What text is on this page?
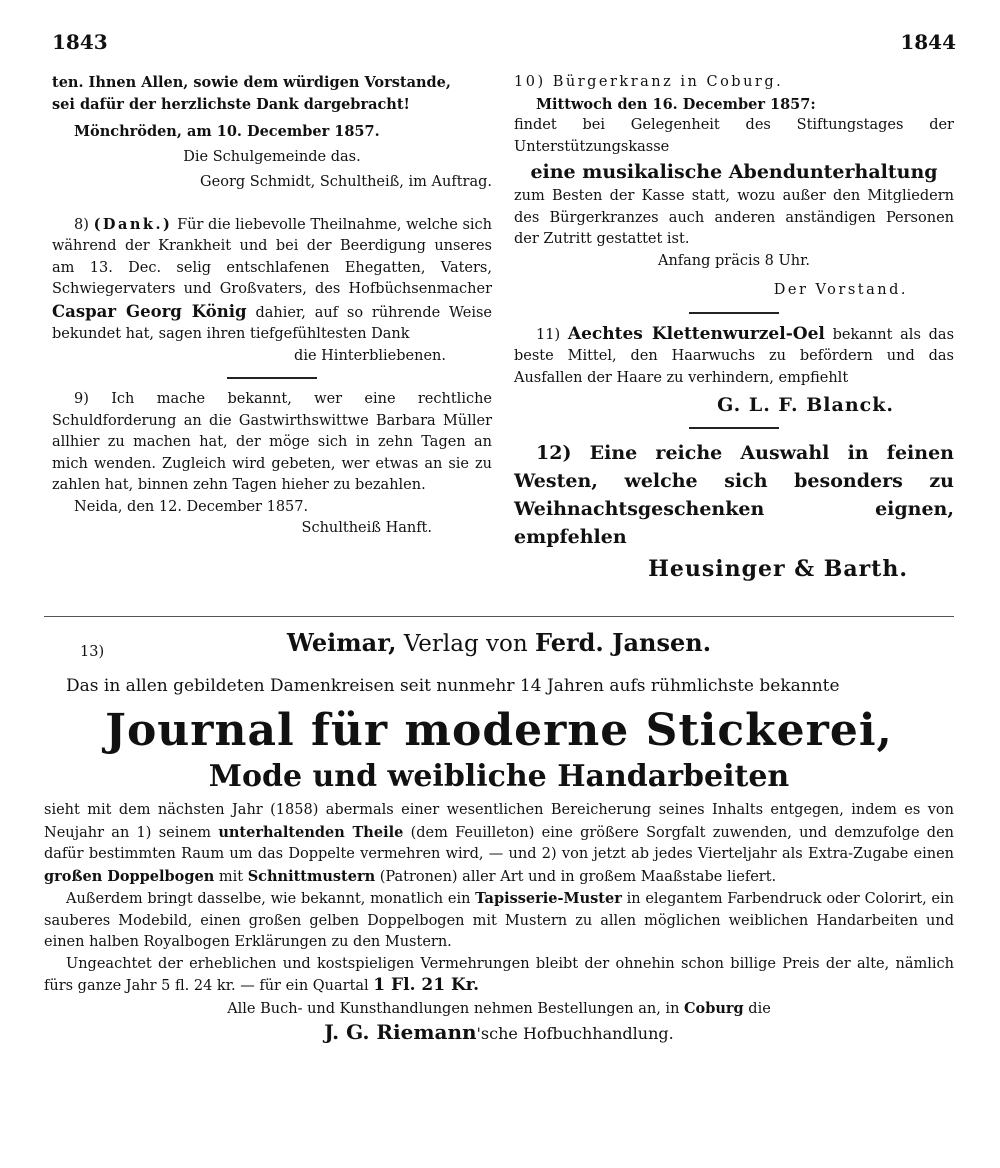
1843	1844

ten. Ihnen Allen, sowie dem würdigen Vorstande,

sei dafür der herzlichste Dank dargebracht!

Mönchröden, am 10. December 1857.

Die Schulgemeinde das.

Georg Schmidt, Schultheiß, im Auftrag.

8) (Dank.) Für die liebevolle Theilnahme, welche sich während der Krankheit und bei der Beerdigung unseres am 13. Dec. selig entschlafenen Ehegatten, Vaters, Schwiegervaters und Großvaters, des Hofbüchsenmacher Caspar Georg König dahier, auf so rührende Weise bekundet hat, sagen ihren tiefgefühltesten Dank

die Hinterbliebenen.

9) Ich mache bekannt, wer eine rechtliche Schuldforderung an die Gastwirthswittwe Barbara Müller allhier zu machen hat, der möge sich in zehn Tagen an mich wenden. Zugleich wird gebeten, wer etwas an sie zu zahlen hat, binnen zehn Tagen hieher zu bezahlen.

Neida, den 12. December 1857.

Schultheiß Hanft.

10) Bürgerkranz in Coburg.

Mittwoch den 16. December 1857:

findet bei Gelegenheit des Stiftungstages der Unterstützungskasse

eine musikalische Abendunterhaltung

zum Besten der Kasse statt, wozu außer den Mitgliedern des Bürgerkranzes auch anderen anständigen Personen der Zutritt gestattet ist.

Anfang präcis 8 Uhr.

Der Vorstand.

11) Aechtes Klettenwurzel-Oel bekannt als das beste Mittel, den Haarwuchs zu befördern und das Ausfallen der Haare zu verhindern, empfiehlt

G. L. F. Blanck.

12) Eine reiche Auswahl in feinen Westen, welche sich besonders zu Weihnachtsgeschenken eignen, empfehlen

Heusinger & Barth.

13)	Weimar, Verlag von Ferd. Jansen.

Das in allen gebildeten Damenkreisen seit nunmehr 14 Jahren aufs rühmlichste bekannte

Journal für moderne Stickerei,
Mode und weibliche Handarbeiten

sieht mit dem nächsten Jahr (1858) abermals einer wesentlichen Bereicherung seines Inhalts entgegen, indem es von Neujahr an 1) seinem unterhaltenden Theile (dem Feuilleton) eine größere Sorgfalt zuwenden, und demzufolge den dafür bestimmten Raum um das Doppelte vermehren wird, — und 2) von jetzt ab jedes Vierteljahr als Extra-Zugabe einen großen Doppelbogen mit Schnittmustern (Patronen) aller Art und in großem Maaßstabe liefert.

Außerdem bringt dasselbe, wie bekannt, monatlich ein Tapisserie-Muster in elegantem Farbendruck oder Colorirt, ein sauberes Modebild, einen großen gelben Doppelbogen mit Mustern zu allen möglichen weiblichen Handarbeiten und einen halben Royalbogen Erklärungen zu den Mustern.

Ungeachtet der erheblichen und kostspieligen Vermehrungen bleibt der ohnehin schon billige Preis der alte, nämlich fürs ganze Jahr 5 fl. 24 kr. — für ein Quartal 1 Fl. 21 Kr.

Alle Buch- und Kunsthandlungen nehmen Bestellungen an, in Coburg die

J. G. Riemann'sche Hofbuchhandlung.
